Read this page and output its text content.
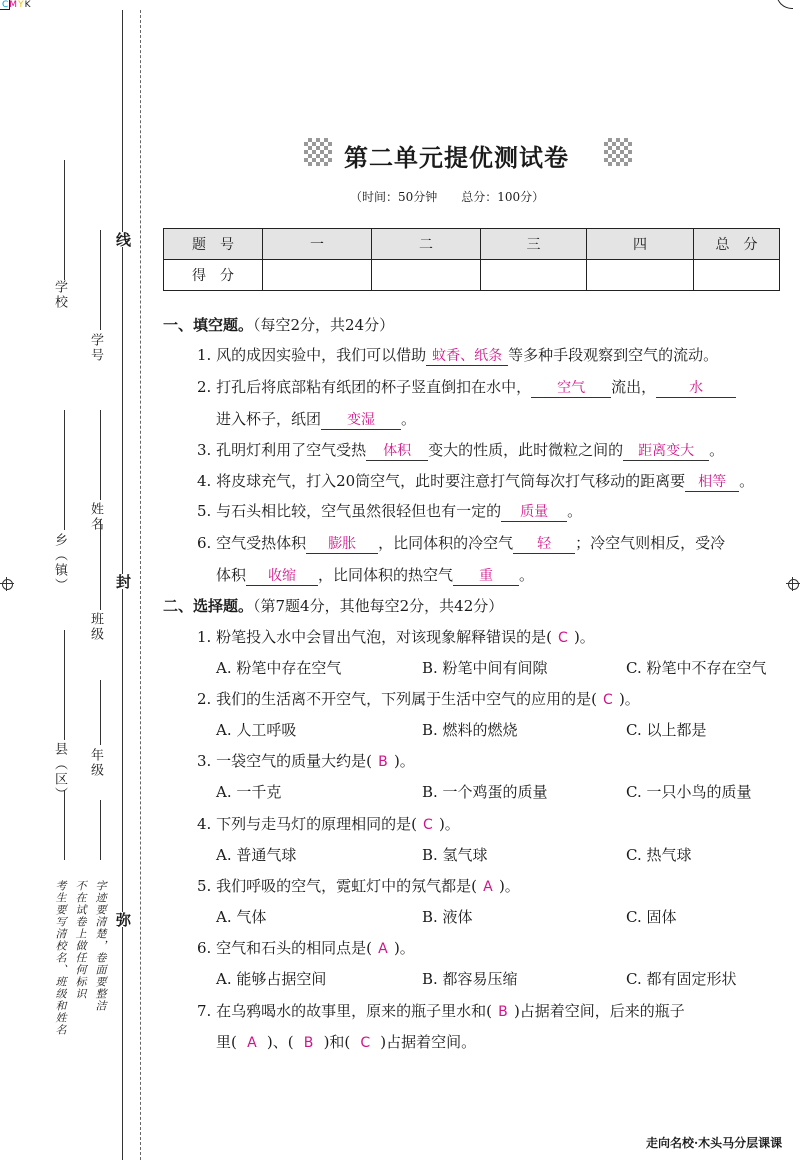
CMYK
线
封
弥
学校
学号
乡（镇）
姓名
班级
县（区） 年级
考生要写清校名、班级和姓名 不在试卷上做任何标识 字迹要清楚，卷面要整洁
第二单元提优测试卷
（时间：50分钟　　总分：100分）
题　号	一	二	三	四	总　分
得　分					
一、填空题。（每空2分，共24分）
1. 风的成因实验中，我们可以借助 蚊香、纸条 等多种手段观察到空气的流动。
2. 打孔后将底部粘有纸团的杯子竖直倒扣在水中， 空气 流出， 水
进入杯子，纸团 变湿 。
3. 孔明灯利用了空气受热 体积 变大的性质，此时微粒之间的 距离变大 。
4. 将皮球充气，打入20筒空气，此时要注意打气筒每次打气移动的距离要 相等 。
5. 与石头相比较，空气虽然很轻但也有一定的 质量 。
6. 空气受热体积 膨胀 ，比同体积的冷空气 轻 ；冷空气则相反，受冷
体积 收缩 ，比同体积的热空气 重 。
二、选择题。（第7题4分，其他每空2分，共42分）
1. 粉笔投入水中会冒出气泡，对该现象解释错误的是( C )。
A. 粉笔中存在空气	B. 粉笔中间有间隙	C. 粉笔中不存在空气
2. 我们的生活离不开空气，下列属于生活中空气的应用的是( C )。
A. 人工呼吸	B. 燃料的燃烧	C. 以上都是
3. 一袋空气的质量大约是( B )。
A. 一千克	B. 一个鸡蛋的质量	C. 一只小鸟的质量
4. 下列与走马灯的原理相同的是( C )。
A. 普通气球	B. 氢气球	C. 热气球
5. 我们呼吸的空气，霓虹灯中的氖气都是( A )。
A. 气体	B. 液体	C. 固体
6. 空气和石头的相同点是( A )。
A. 能够占据空间	B. 都容易压缩	C. 都有固定形状
7. 在乌鸦喝水的故事里，原来的瓶子里水和( B )占据着空间，后来的瓶子
里( A )、( B )和( C )占据着空间。
走向名校·木头马分层课课
